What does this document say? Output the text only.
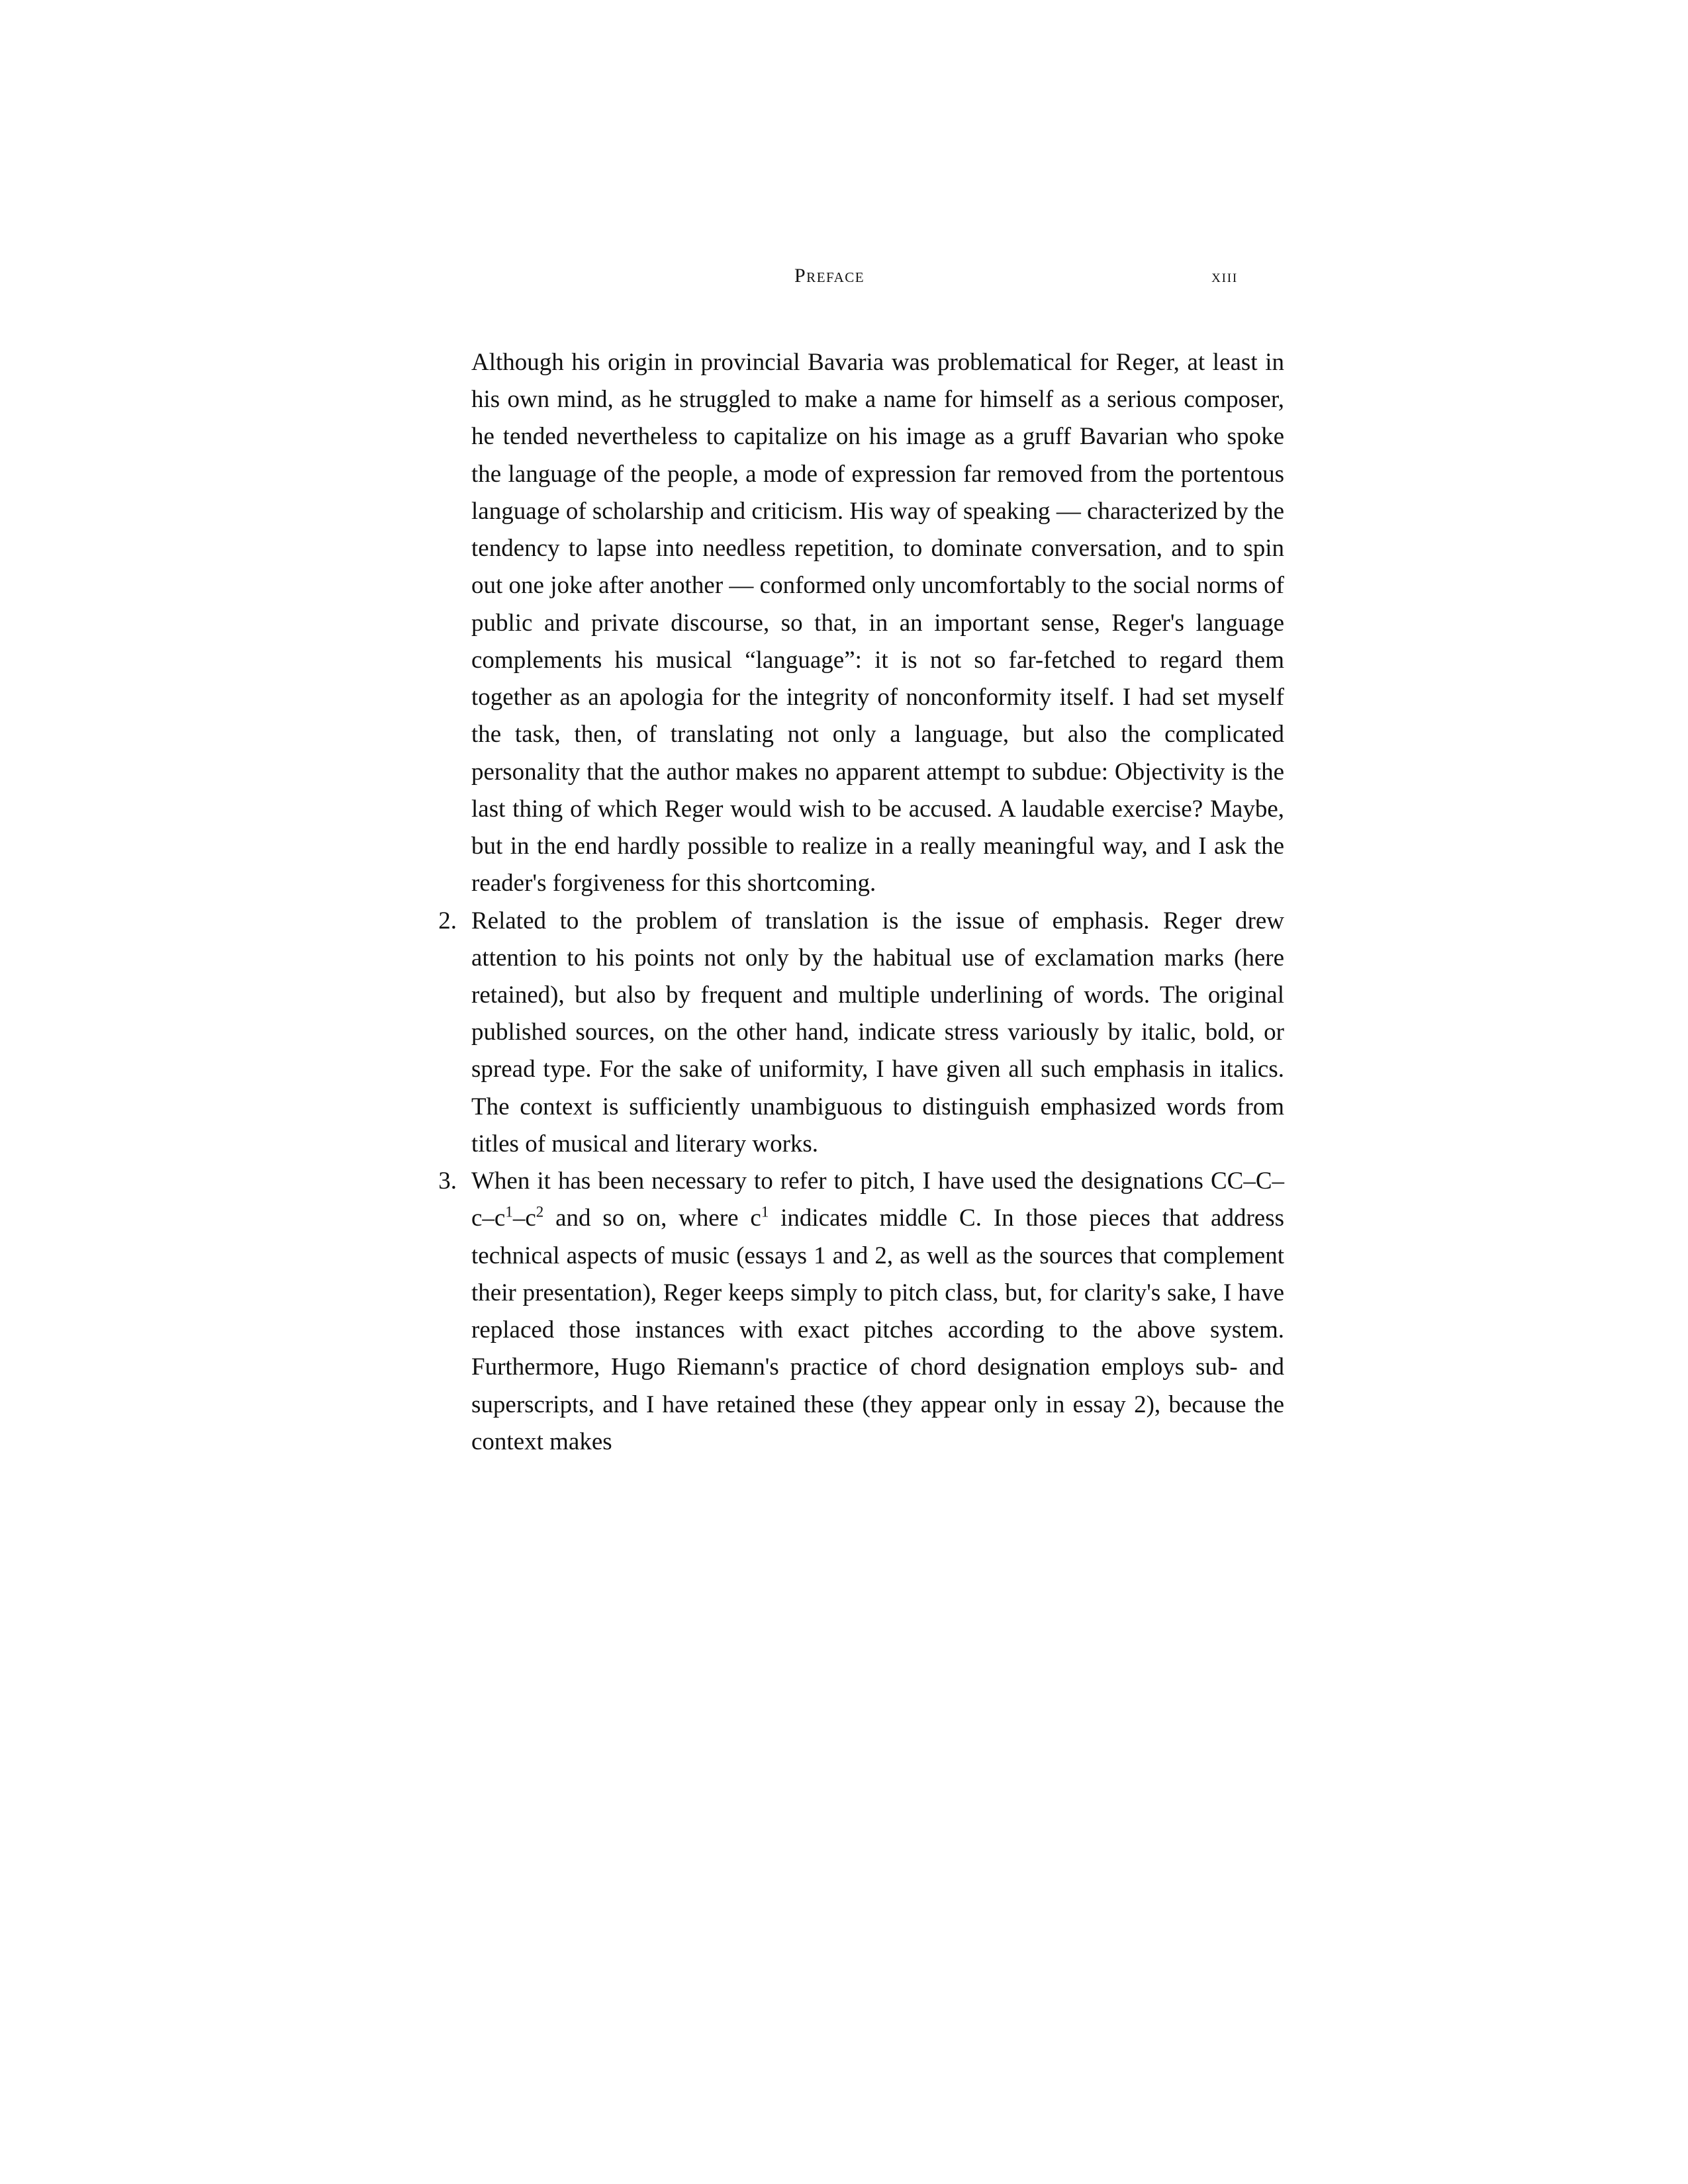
Preface	xiii

Although his origin in provincial Bavaria was problematical for Reger, at least in his own mind, as he struggled to make a name for himself as a serious composer, he tended nevertheless to capitalize on his image as a gruff Bavarian who spoke the language of the people, a mode of expression far removed from the portentous language of scholarship and criticism. His way of speaking — characterized by the tendency to lapse into needless repetition, to dominate conversation, and to spin out one joke after another — conformed only uncomfortably to the social norms of public and private discourse, so that, in an important sense, Reger's language complements his musical “language”: it is not so far-fetched to regard them together as an apologia for the integrity of nonconformity itself. I had set myself the task, then, of translating not only a language, but also the complicated personality that the author makes no apparent attempt to subdue: Objectivity is the last thing of which Reger would wish to be accused. A laudable exercise? Maybe, but in the end hardly possible to realize in a really meaningful way, and I ask the reader's forgiveness for this shortcoming.

2. Related to the problem of translation is the issue of emphasis. Reger drew attention to his points not only by the habitual use of exclamation marks (here retained), but also by frequent and multiple underlining of words. The original published sources, on the other hand, indicate stress variously by italic, bold, or spread type. For the sake of uniformity, I have given all such emphasis in italics. The context is sufficiently unambiguous to distinguish emphasized words from titles of musical and literary works.
3. When it has been necessary to refer to pitch, I have used the designations $CC-C-c-c^1-c^2$ and so on, where $c^1$ indicates middle C. In those pieces that address technical aspects of music (essays 1 and 2, as well as the sources that complement their presentation), Reger keeps simply to pitch class, but, for clarity's sake, I have replaced those instances with exact pitches according to the above system. Furthermore, Hugo Riemann's practice of chord designation employs sub- and superscripts, and I have retained these (they appear only in essay 2), because the context makes
